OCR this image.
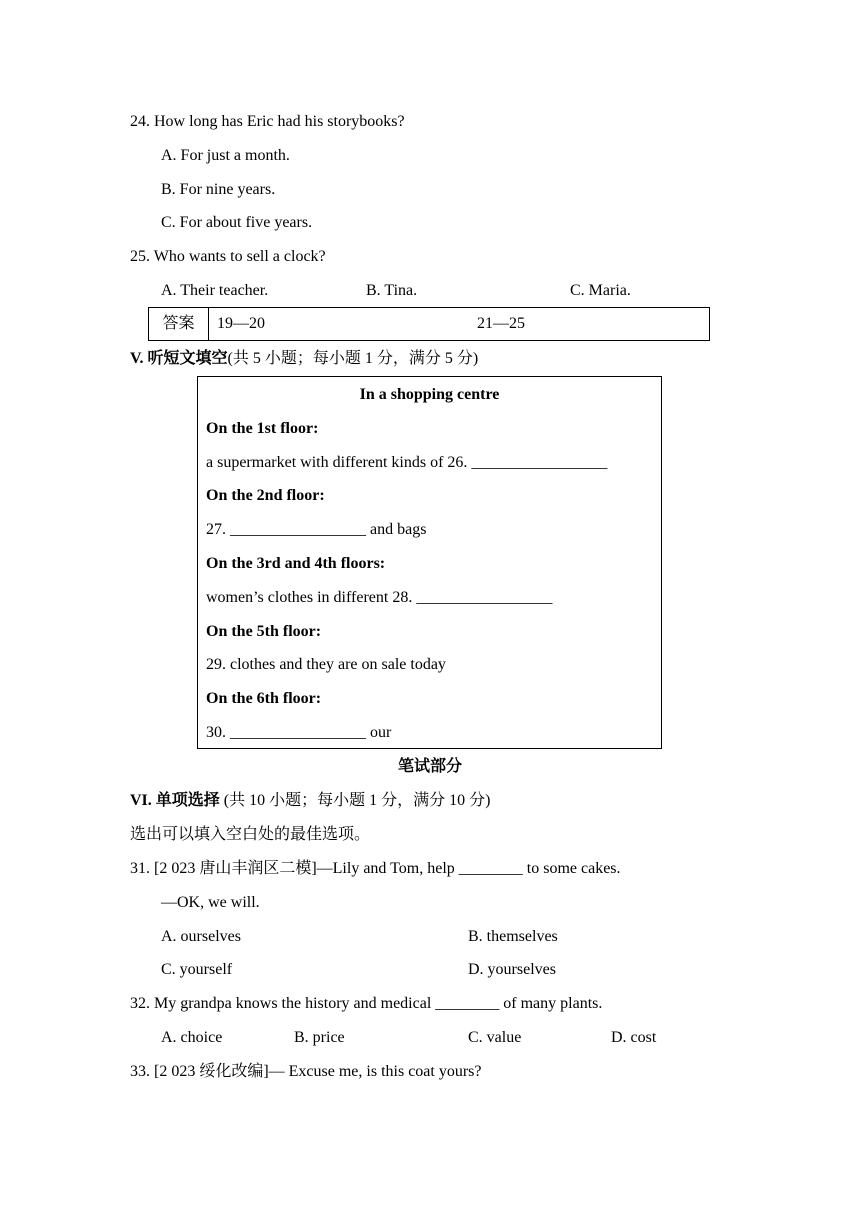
24. How long has Eric had his storybooks?
A. For just a month.
B. For nine years.
C. For about five years.
25. Who wants to sell a clock?
A. Their teacher.	B. Tina.	C. Maria.
答案	19—20	21—25
V. 听短文填空(共 5 小题；每小题 1 分，满分 5 分)
In a shopping centre
On the 1st floor:
a supermarket with different kinds of 26. _________________
On the 2nd floor:
27. _________________ and bags
On the 3rd and 4th floors:
women’s clothes in different 28. _________________
On the 5th floor:
29. clothes and they are on sale today
On the 6th floor:
30. _________________ our
笔试部分
VI. 单项选择 (共 10 小题；每小题 1 分，满分 10 分)
选出可以填入空白处的最佳选项。
31. [2 023 唐山丰润区二模]—Lily and Tom, help ________ to some cakes.
—OK, we will.
A. ourselves	B. themselves
C. yourself	D. yourselves
32. My grandpa knows the history and medical ________ of many plants.
A. choice	B. price	C. value	D. cost
33. [2 023 绥化改编]— Excuse me, is this coat yours?
